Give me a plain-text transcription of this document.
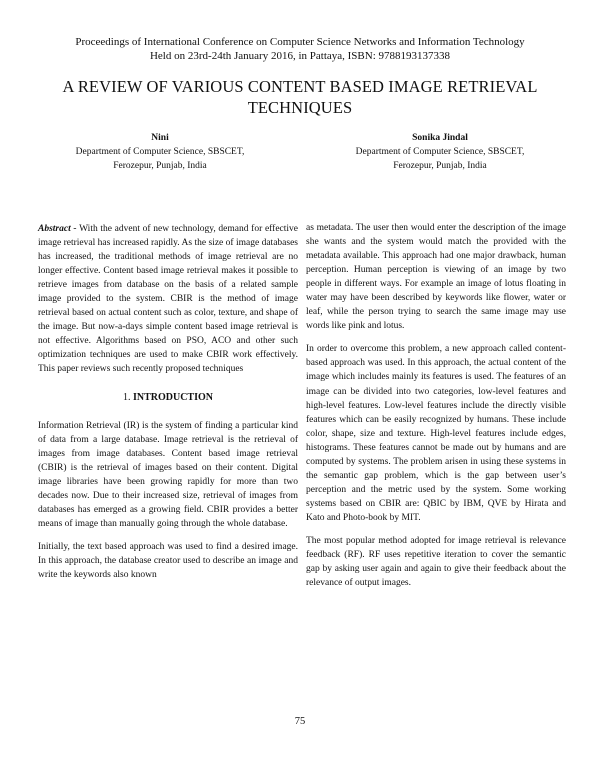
Proceedings of International Conference on Computer Science Networks and Information Technology
Held on 23rd-24th January 2016, in Pattaya, ISBN: 9788193137338
A REVIEW OF VARIOUS CONTENT BASED IMAGE RETRIEVAL
TECHNIQUES
Nini
Department of Computer Science, SBSCET,
Ferozepur, Punjab, India
Sonika Jindal
Department of Computer Science, SBSCET,
Ferozepur, Punjab, India

Abstract - With the advent of new technology, demand for effective image retrieval has increased rapidly. As the size of image databases has increased, the traditional methods of image retrieval are no longer effective. Content based image retrieval makes it possible to retrieve images from database on the basis of a related sample image provided to the system. CBIR is the method of image retrieval based on actual content such as color, texture, and shape of the image. But now-a-days simple content based image retrieval is not effective. Algorithms based on PSO, ACO and other such optimization techniques are used to make CBIR work effectively. This paper reviews such recently proposed techniques

1. INTRODUCTION

Information Retrieval (IR) is the system of finding a particular kind of data from a large database. Image retrieval is the retrieval of images from image databases. Content based image retrieval (CBIR) is the retrieval of images based on their content. Digital image libraries have been growing rapidly for more than two decades now. Due to their increased size, retrieval of images from databases has emerged as a growing field. CBIR provides a better means of image than manually going through the whole database.

Initially, the text based approach was used to find a desired image. In this approach, the database creator used to describe an image and write the keywords also known

as metadata. The user then would enter the description of the image she wants and the system would match the provided with the metadata available. This approach had one major drawback, human perception. Human perception is viewing of an image by two people in different ways. For example an image of lotus floating in water may have been described by keywords like flower, water or leaf, while the person trying to search the same image may use words like pink and lotus.

In order to overcome this problem, a new approach called content-based approach was used. In this approach, the actual content of the image which includes mainly its features is used. The features of an image can be divided into two categories, low-level features and high-level features. Low-level features include the directly visible features which can be easily recognized by humans. These include color, shape, size and texture. High-level features include edges, histograms. These features cannot be made out by humans and are computed by systems. The problem arisen in using these systems in the semantic gap problem, which is the gap between user’s perception and the metric used by the system. Some working systems based on CBIR are: QBIC by IBM, QVE by Hirata and Kato and Photo-book by MIT.

The most popular method adopted for image retrieval is relevance feedback (RF). RF uses repetitive iteration to cover the semantic gap by asking user again and again to give their feedback about the relevance of output images.

75
